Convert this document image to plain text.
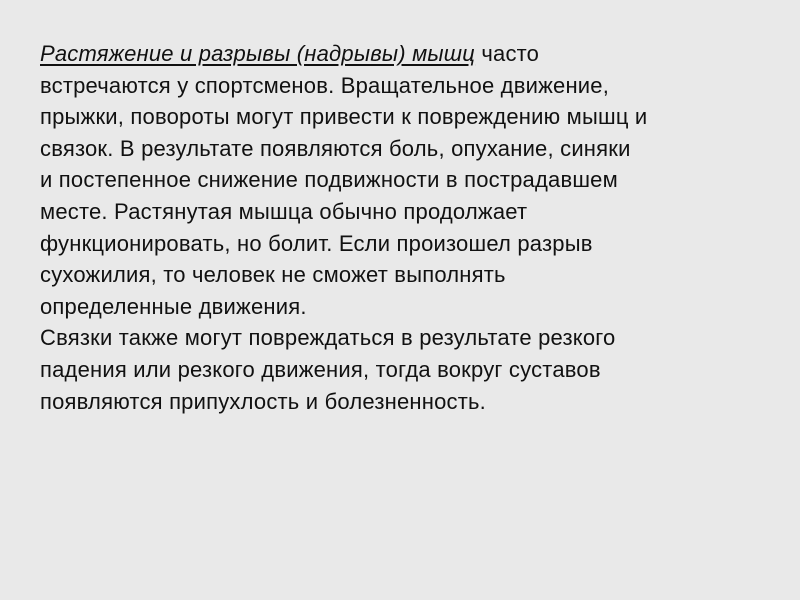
Растяжение и разрывы (надрывы) мышц часто
встречаются у спортсменов. Вращательное движение,
прыжки, повороты могут привести к повреждению мышц и
связок. В результате появляются боль, опухание, синяки
и постепенное снижение подвижности в пострадавшем
месте. Растянутая мышца обычно продолжает
функционировать, но болит. Если произошел разрыв
сухожилия, то человек не сможет выполнять
определенные движения.

Связки также могут повреждаться в результате резкого
падения или резкого движения, тогда вокруг суставов
появляются припухлость и болезненность.
